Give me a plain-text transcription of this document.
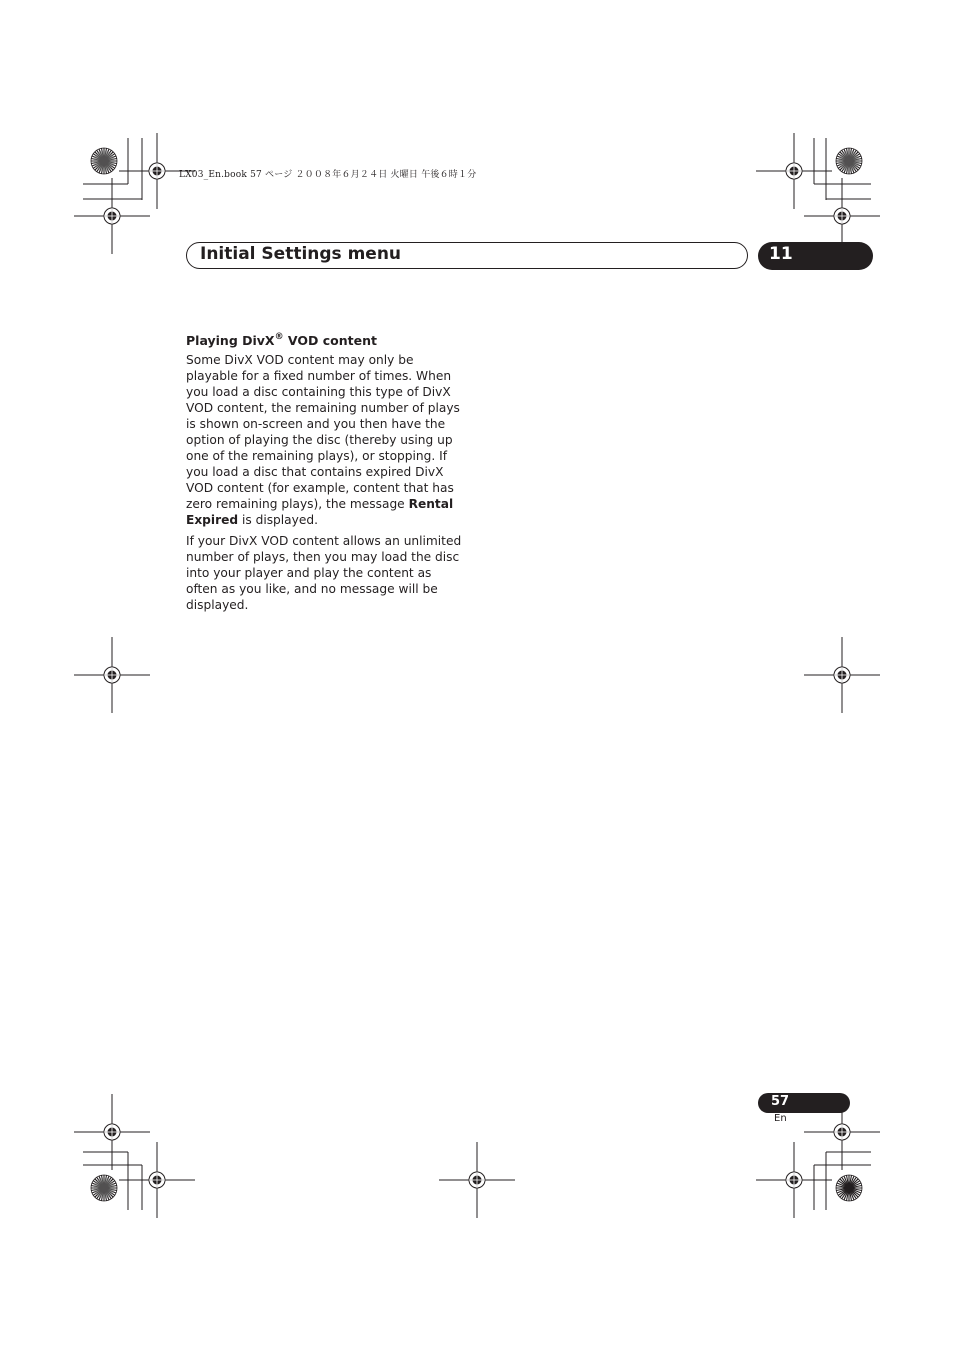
LX03_En.book 57 ページ ２００８年６月２４日 火曜日 午後６時１分
Initial Settings menu	11
Playing DivX® VOD content

Some DivX VOD content may only be playable for a fixed number of times. When you load a disc containing this type of DivX VOD content, the remaining number of plays is shown on-screen and you then have the option of playing the disc (thereby using up one of the remaining plays), or stopping. If you load a disc that contains expired DivX VOD content (for example, content that has zero remaining plays), the message Rental Expired is displayed.

If your DivX VOD content allows an unlimited number of plays, then you may load the disc into your player and play the content as often as you like, and no message will be displayed.

57
En
